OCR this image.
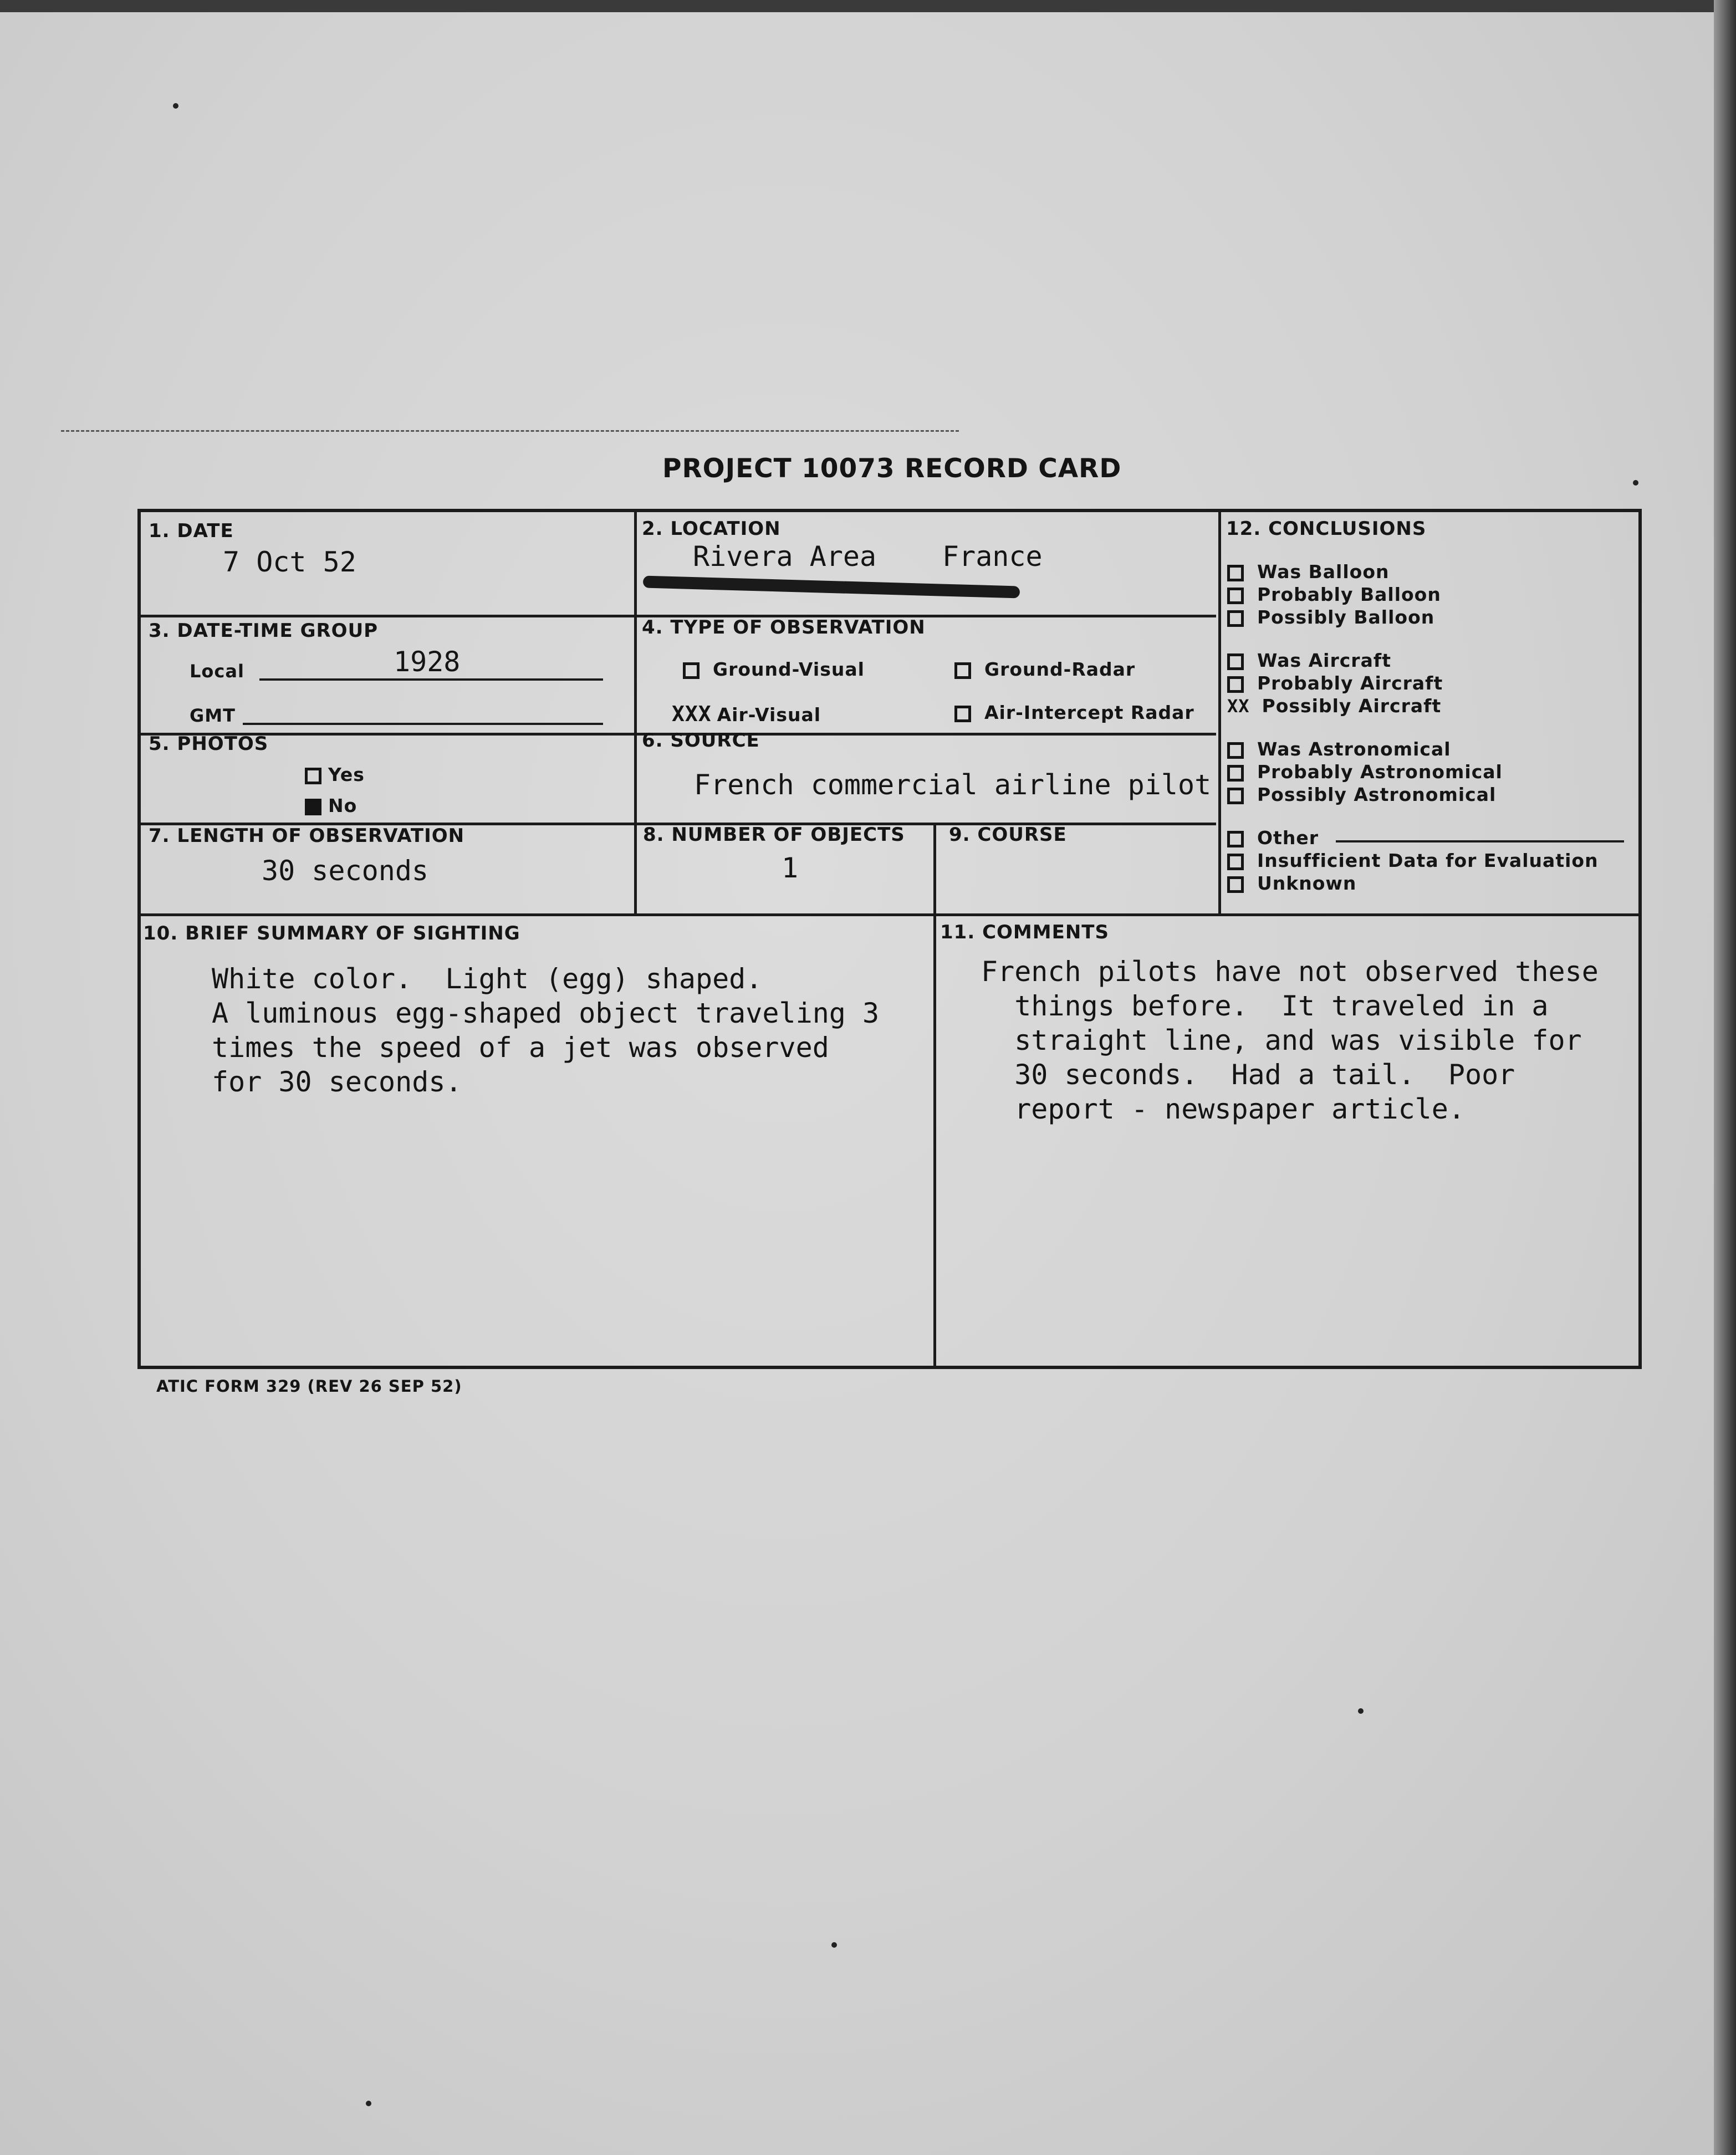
PROJECT 10073 RECORD CARD
1. DATE
7 Oct 52
2. LOCATION
Rivera Area France
3. DATE-TIME GROUP
Local	1928
GMT
4. TYPE OF OBSERVATION
Ground-Visual	Ground-Radar
XXX Air-Visual	Air-Intercept Radar
5. PHOTOS
Yes
No
6. SOURCE
French commercial airline pilot
7. LENGTH OF OBSERVATION
30 seconds
8. NUMBER OF OBJECTS
1
9. COURSE
10. BRIEF SUMMARY OF SIGHTING
White color.  Light (egg) shaped.
A luminous egg-shaped object traveling 3
times the speed of a jet was observed
for 30 seconds.
11. COMMENTS
French pilots have not observed these
things before.  It traveled in a
straight line, and was visible for
30 seconds.  Had a tail.  Poor
report - newspaper article.
12. CONCLUSIONS
Was Balloon
Probably Balloon
Possibly Balloon
Was Aircraft
Probably Aircraft
XX Possibly Aircraft
Was Astronomical
Probably Astronomical
Possibly Astronomical
Other
Insufficient Data for Evaluation
Unknown
ATIC FORM 329 (REV 26 SEP 52)
